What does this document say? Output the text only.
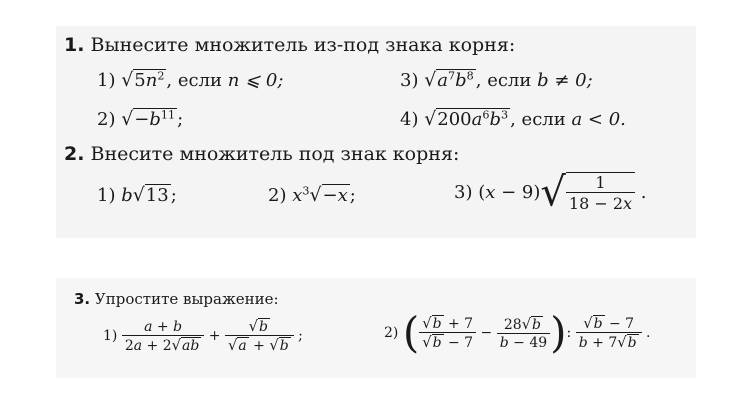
1. Вынесите множитель из-под знака корня:
1) $√5n^2$ , если n ⩽ 0;
2) $√-b^{11}$ ;
3) $√a^7b^8$ , если b ≠ 0;
4) $√200a^6b^3$ , если a < 0.
2. Внесите множитель под знак корня:
1) b√13 ;	2) $x^3√-x$ ;	3) $(x - 9)√ \frac{1}{18 - 2x}$ .
3. Упростите выражение:
$1) \frac{a + b}{2a + 2√ab} + \frac{√b}{√a + √b}$ ;	2) ( $\frac{√b + 7}{√b - 7} - \frac{28√b}{b - 49}$ ): $\frac{√b - 7}{b + 7√b}$ .
